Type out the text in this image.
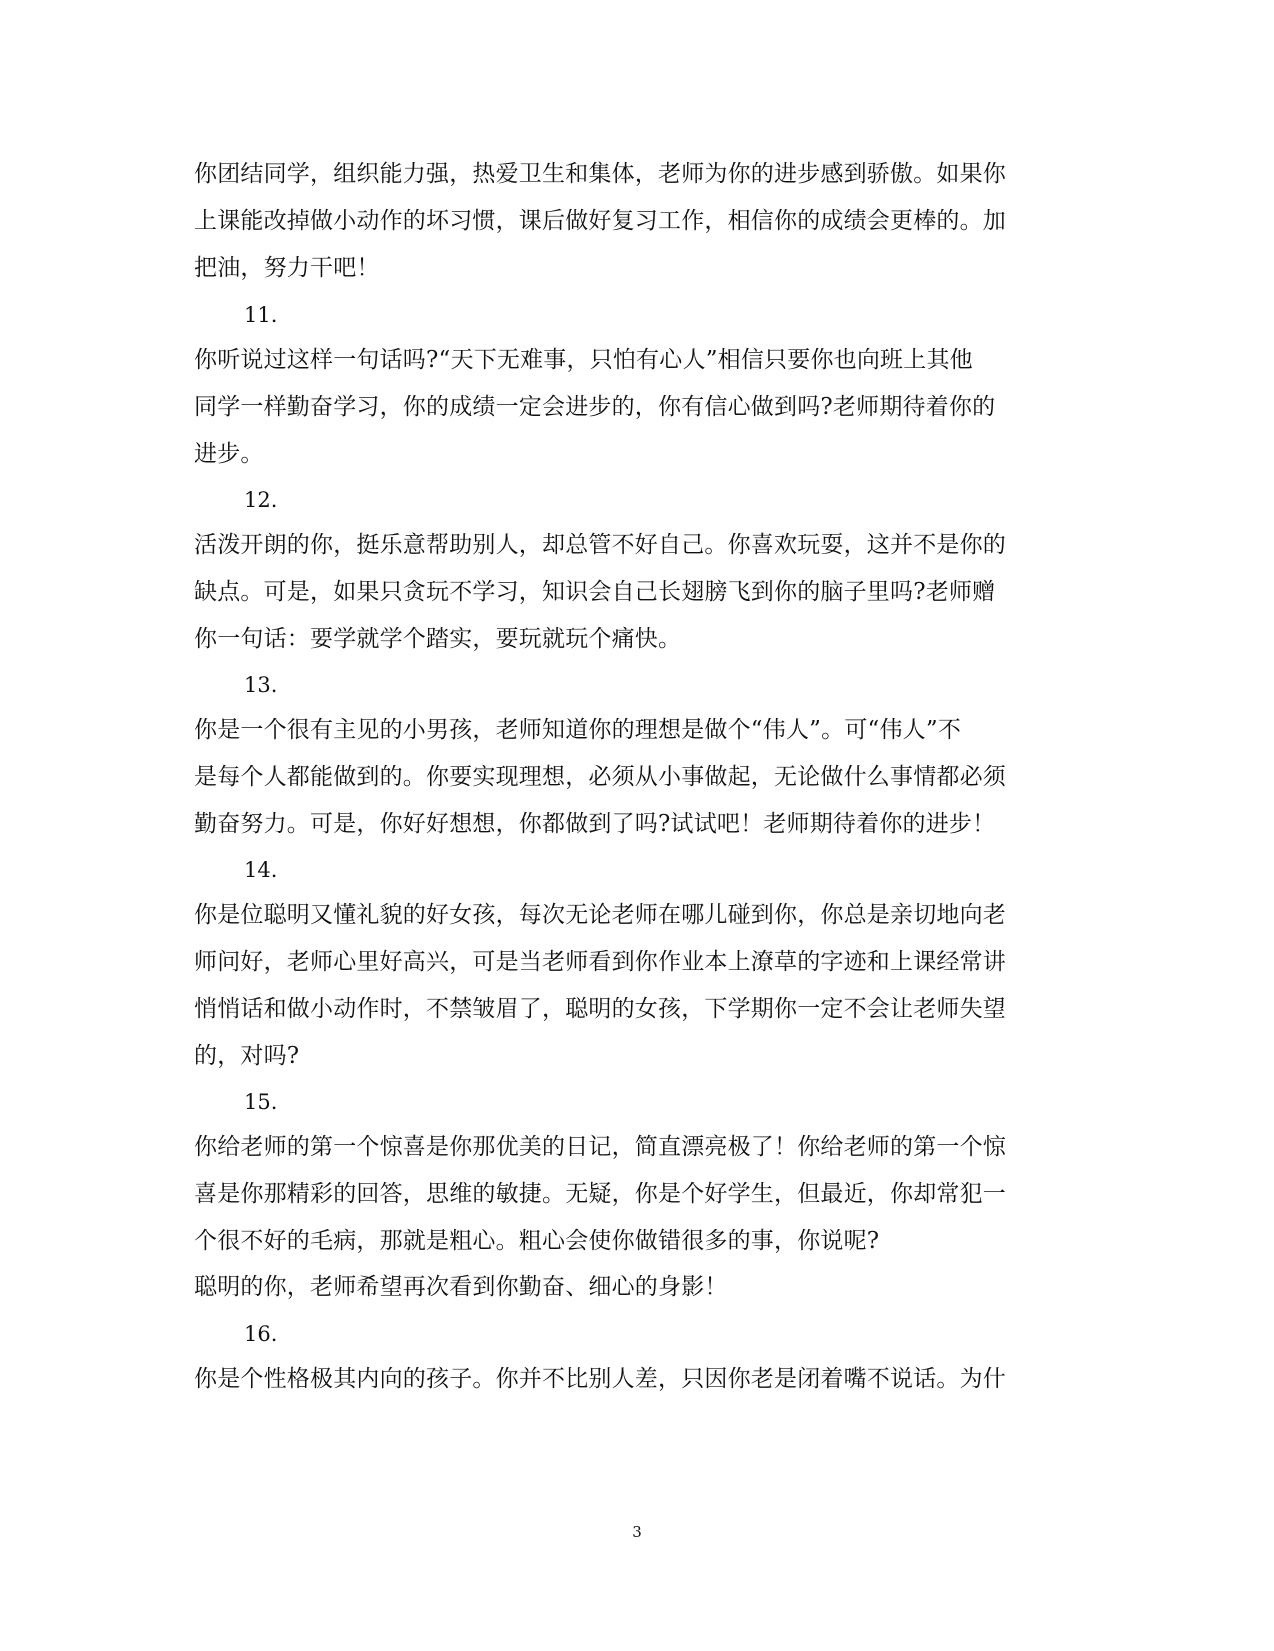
你团结同学，组织能力强，热爱卫生和集体，老师为你的进步感到骄傲。如果你
上课能改掉做小动作的坏习惯，课后做好复习工作，相信你的成绩会更棒的。加
把油，努力干吧！
11.
你听说过这样一句话吗?“天下无难事，只怕有心人”相信只要你也向班上其他
同学一样勤奋学习，你的成绩一定会进步的，你有信心做到吗?老师期待着你的
进步。
12.
活泼开朗的你，挺乐意帮助别人，却总管不好自己。你喜欢玩耍，这并不是你的
缺点。可是，如果只贪玩不学习，知识会自己长翅膀飞到你的脑子里吗?老师赠
你一句话：要学就学个踏实，要玩就玩个痛快。
13.
你是一个很有主见的小男孩，老师知道你的理想是做个“伟人”。可“伟人”不
是每个人都能做到的。你要实现理想，必须从小事做起，无论做什么事情都必须
勤奋努力。可是，你好好想想，你都做到了吗?试试吧！老师期待着你的进步！
14.
你是位聪明又懂礼貌的好女孩，每次无论老师在哪儿碰到你，你总是亲切地向老
师问好，老师心里好高兴，可是当老师看到你作业本上潦草的字迹和上课经常讲
悄悄话和做小动作时，不禁皱眉了，聪明的女孩，下学期你一定不会让老师失望
的，对吗?
15.
你给老师的第一个惊喜是你那优美的日记，简直漂亮极了！你给老师的第一个惊
喜是你那精彩的回答，思维的敏捷。无疑，你是个好学生，但最近，你却常犯一
个很不好的毛病，那就是粗心。粗心会使你做错很多的事，你说呢?
聪明的你，老师希望再次看到你勤奋、细心的身影！
16.
你是个性格极其内向的孩子。你并不比别人差，只因你老是闭着嘴不说话。为什
3
